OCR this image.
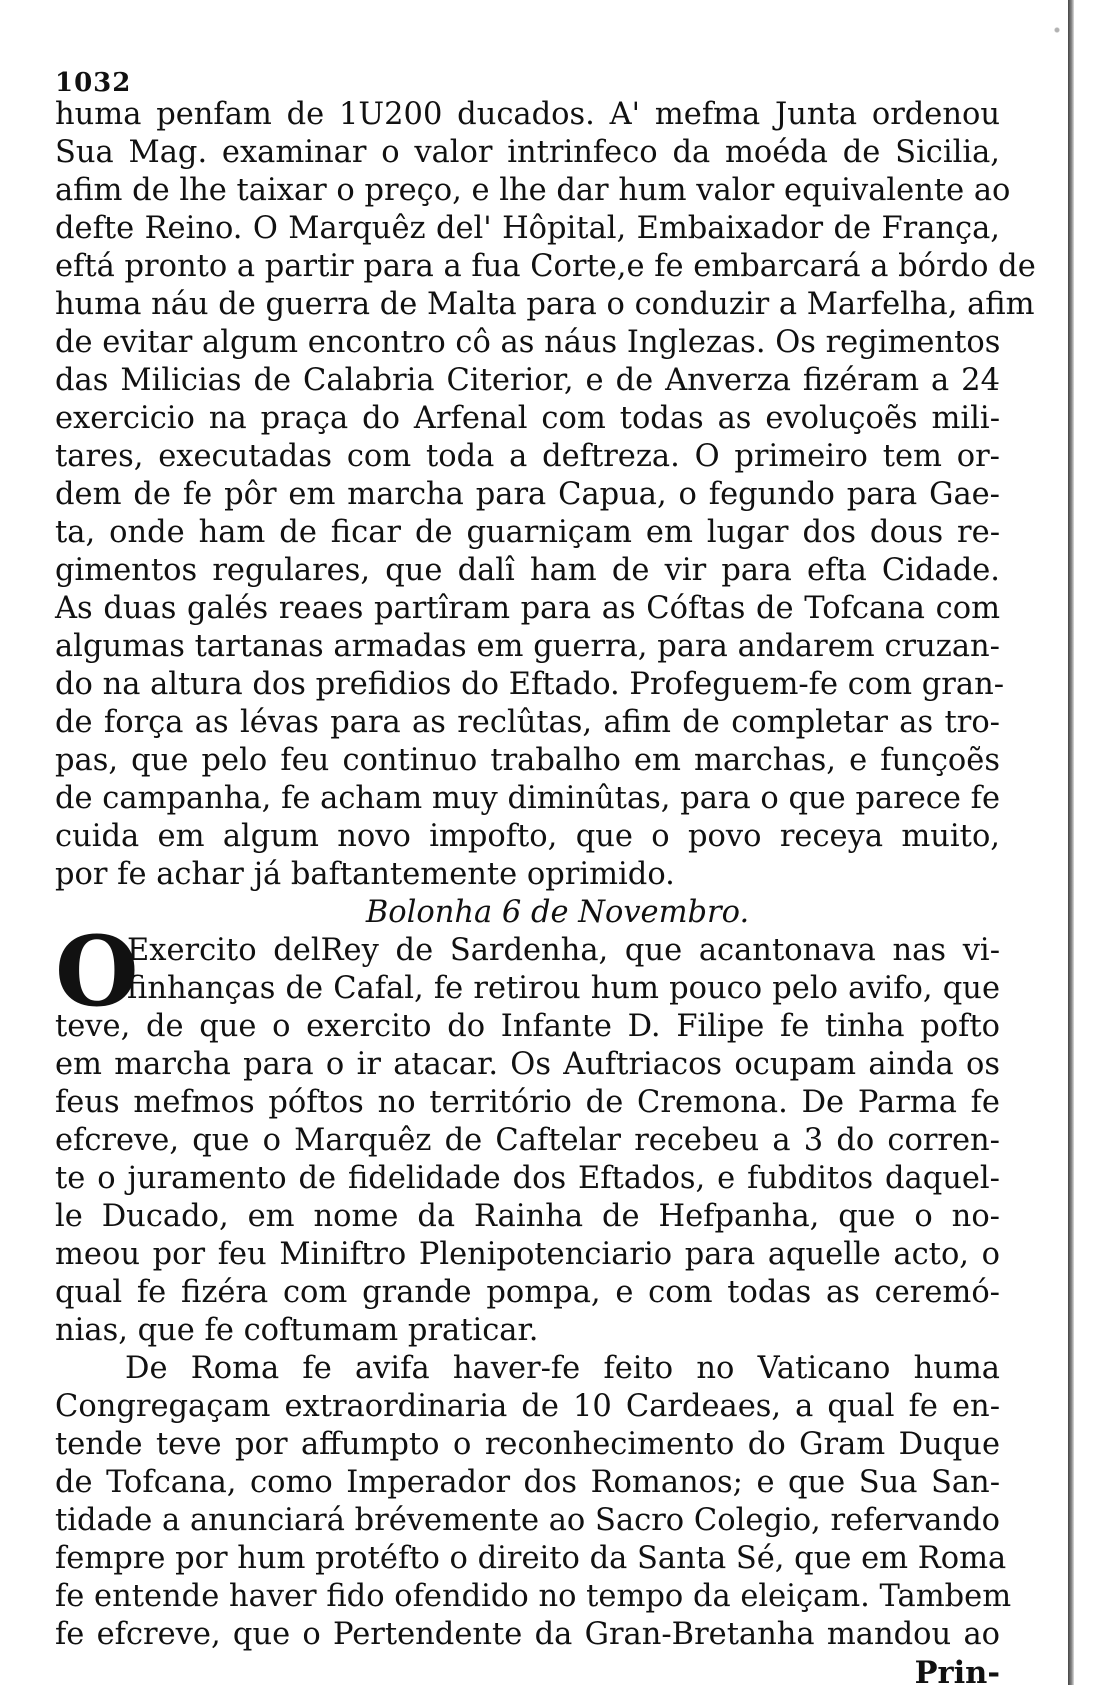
1032
huma penfam de 1U200 ducados. A' mefma Junta ordenou
Sua Mag. examinar o valor intrinfeco da moéda de Sicilia,
afim de lhe taixar o preço, e lhe dar hum valor equivalente ao
defte Reino. O Marquêz del' Hôpital, Embaixador de França,
eftá pronto a partir para a fua Corte,e fe embarcará a bórdo de
huma náu de guerra de Malta para o conduzir a Marfelha, afim
de evitar algum encontro cô as náus Inglezas. Os regimentos
das Milicias de Calabria Citerior, e de Anverza fizéram a 24
exercicio na praça do Arfenal com todas as evoluçoẽs mili-
tares, executadas com toda a deftreza. O primeiro tem or-
dem de fe pôr em marcha para Capua, o fegundo para Gae-
ta, onde ham de ficar de guarniçam em lugar dos dous re-
gimentos regulares, que dalî ham de vir para efta Cidade.
As duas galés reaes partîram para as Cóftas de Tofcana com
algumas tartanas armadas em guerra, para andarem cruzan-
do na altura dos prefidios do Eftado. Profeguem-fe com gran-
de força as lévas para as reclûtas, afim de completar as tro-
pas, que pelo feu continuo trabalho em marchas, e funçoẽs
de campanha, fe acham muy diminûtas, para o que parece fe
cuida em algum novo impofto, que o povo receya muito,
por fe achar já baftantemente oprimido.
Bolonha 6 de Novembro.
O
Exercito delRey de Sardenha, que acantonava nas vi-
finhanças de Cafal, fe retirou hum pouco pelo avifo, que
teve, de que o exercito do Infante D. Filipe fe tinha pofto
em marcha para o ir atacar. Os Auftriacos ocupam ainda os
feus mefmos póftos no território de Cremona. De Parma fe
efcreve, que o Marquêz de Caftelar recebeu a 3 do corren-
te o juramento de fidelidade dos Eftados, e fubditos daquel-
le Ducado, em nome da Rainha de Hefpanha, que o no-
meou por feu Miniftro Plenipotenciario para aquelle acto, o
qual fe fizéra com grande pompa, e com todas as ceremó-
nias, que fe coftumam praticar.
De Roma fe avifa haver-fe feito no Vaticano huma
Congregaçam extraordinaria de 10 Cardeaes, a qual fe en-
tende teve por affumpto o reconhecimento do Gram Duque
de Tofcana, como Imperador dos Romanos; e que Sua San-
tidade a anunciará brévemente ao Sacro Colegio, refervando
fempre por hum protéfto o direito da Santa Sé, que em Roma
fe entende haver fido ofendido no tempo da eleiçam. Tambem
fe efcreve, que o Pertendente da Gran-Bretanha mandou ao
Prin-
